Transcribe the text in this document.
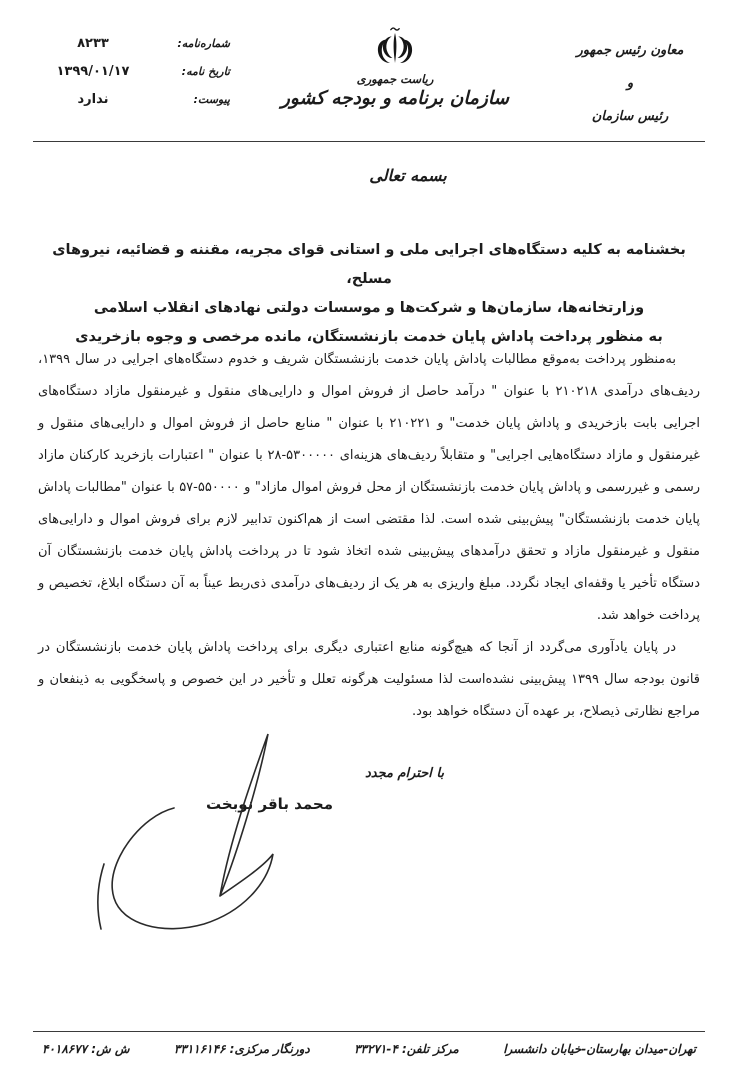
معاون رئیس جمهور
و
رئیس سازمان
ریاست جمهوری
سازمان برنامه و بودجه کشور
شماره‌نامه:
۸۲۳۳
تاریخ نامه:
۱۳۹۹/۰۱/۱۷
پیوست:
ندارد
بسمه تعالی
بخشنامه به کلیه دستگاه‌های اجرایی ملی و استانی قوای مجریه، مقننه و قضائیه، نیروهای مسلح،
وزارتخانه‌ها، سازمان‌ها و شرکت‌ها و موسسات دولتی نهادهای انقلاب اسلامی
به منظور پرداخت پاداش پایان خدمت بازنشستگان، مانده مرخصی و وجوه بازخریدی

به‌منظور پرداخت به‌موقع مطالبات پاداش پایان خدمت بازنشستگان شریف و خدوم دستگاه‌های اجرایی در سال ۱۳۹۹، ردیف‌های درآمدی ۲۱۰۲۱۸ با عنوان " درآمد حاصل از فروش اموال و دارایی‌های منقول و غیرمنقول مازاد دستگاه‌های اجرایی بابت بازخریدی و پاداش پایان خدمت" و ۲۱۰۲۲۱ با عنوان " منابع حاصل از فروش اموال و دارایی‌های منقول و غیرمنقول و مازاد دستگاه‌هایی اجرایی" و متقابلاً ردیف‌های هزینه‌ای ۵۳۰۰۰۰۰-۲۸ با عنوان " اعتبارات بازخرید کارکنان مازاد رسمی و غیررسمی و پاداش پایان خدمت بازنشستگان از محل فروش اموال مازاد" و ۵۵۰۰۰۰-۵۷ با عنوان "مطالبات پاداش پایان خدمت بازنشستگان" پیش‌بینی شده است. لذا مقتضی است از هم‌اکنون تدابیر لازم برای فروش اموال و دارایی‌های منقول و غیرمنقول مازاد و تحقق درآمدهای پیش‌بینی شده اتخاذ شود تا در پرداخت پاداش پایان خدمت بازنشستگان آن دستگاه تأخیر یا وقفه‌ای ایجاد نگردد. مبلغ واریزی به هر یک از ردیف‌های درآمدی ذی‌ربط عیناً به آن دستگاه ابلاغ، تخصیص و پرداخت خواهد شد.

در پایان یادآوری می‌گردد از آنجا که هیچ‌گونه منابع اعتباری دیگری برای پرداخت پاداش پایان خدمت بازنشستگان در قانون بودجه سال ۱۳۹۹ پیش‌بینی نشده‌است لذا مسئولیت هرگونه تعلل و تأخیر در این خصوص و پاسخگویی به ذینفعان و مراجع نظارتی ذیصلاح، بر عهده آن دستگاه خواهد بود.

با احترام مجدد
محمد باقر نوبخت
تهران-میدان بهارستان-خیابان دانشسرا
مرکز تلفن: ۴-۳۳۲۷۱
دورنگار مرکزی: ۳۳۱۱۶۱۴۶
ش ش: ۴۰۱۸۶۷۷
